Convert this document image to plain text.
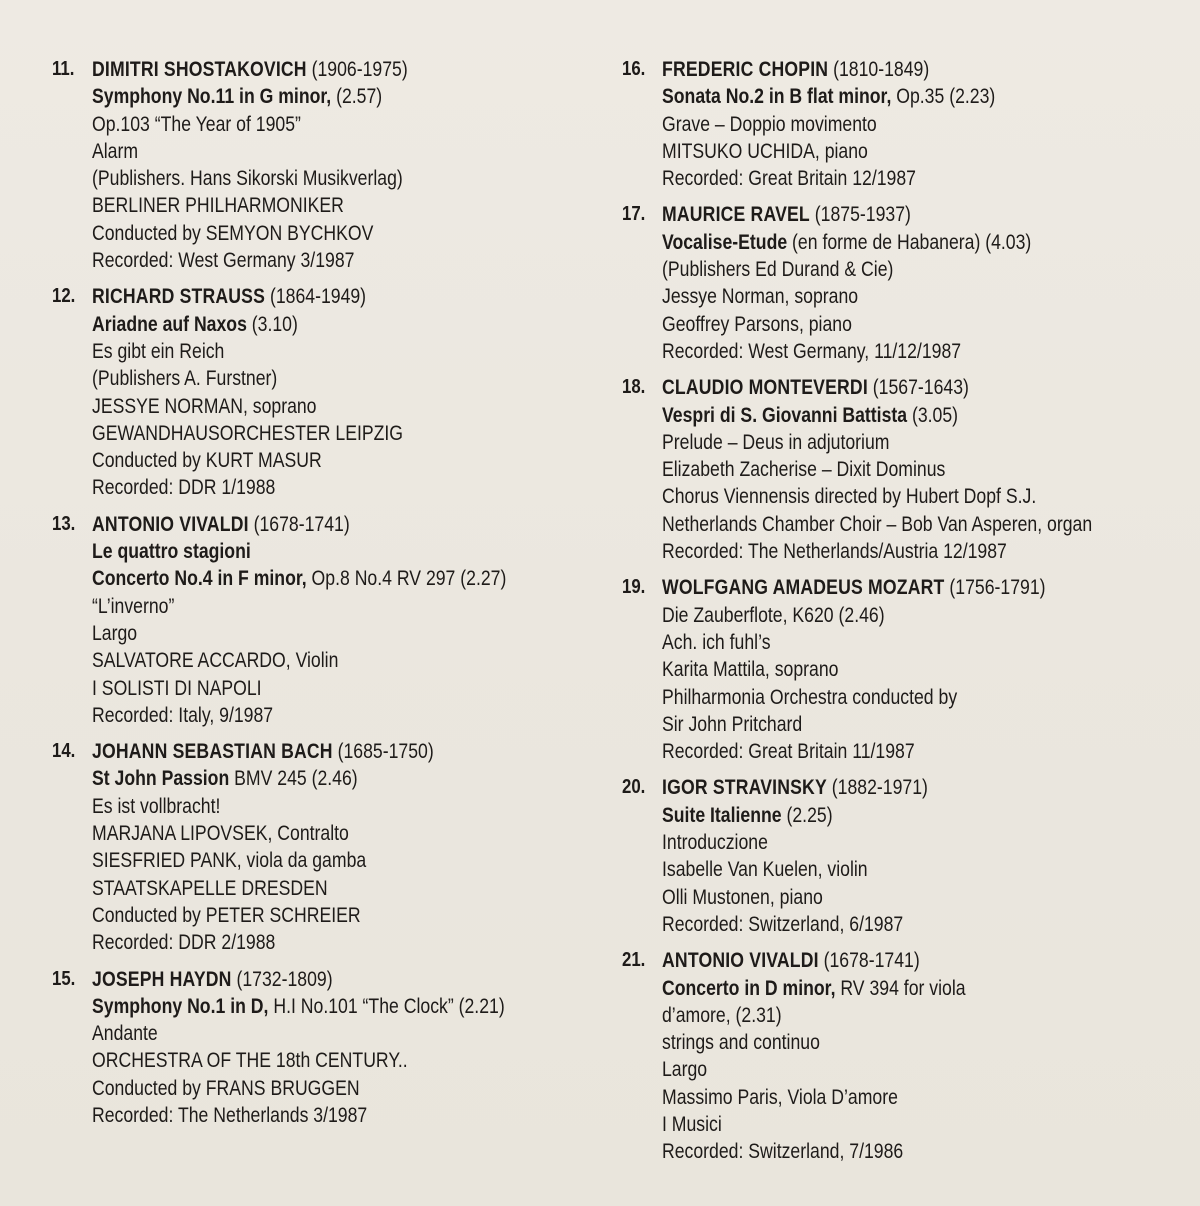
11. DIMITRI SHOSTAKOVICH (1906-1975)
Symphony No.11 in G minor, (2.57)
Op.103 “The Year of 1905”
Alarm
(Publishers. Hans Sikorski Musikverlag)
BERLINER PHILHARMONIKER
Conducted by SEMYON BYCHKOV
Recorded: West Germany 3/1987
12. RICHARD STRAUSS (1864-1949)
Ariadne auf Naxos (3.10)
Es gibt ein Reich
(Publishers A. Furstner)
JESSYE NORMAN, soprano
GEWANDHAUSORCHESTER LEIPZIG
Conducted by KURT MASUR
Recorded: DDR 1/1988
13. ANTONIO VIVALDI (1678-1741)
Le quattro stagioni
Concerto No.4 in F minor, Op.8 No.4 RV 297 (2.27)
“L’inverno”
Largo
SALVATORE ACCARDO, Violin
I SOLISTI DI NAPOLI
Recorded: Italy, 9/1987
14. JOHANN SEBASTIAN BACH (1685-1750)
St John Passion BMV 245 (2.46)
Es ist vollbracht!
MARJANA LIPOVSEK, Contralto
SIESFRIED PANK, viola da gamba
STAATSKAPELLE DRESDEN
Conducted by PETER SCHREIER
Recorded: DDR 2/1988
15. JOSEPH HAYDN (1732-1809)
Symphony No.1 in D, H.I No.101 “The Clock” (2.21)
Andante
ORCHESTRA OF THE 18th CENTURY..
Conducted by FRANS BRUGGEN
Recorded: The Netherlands 3/1987
16. FREDERIC CHOPIN (1810-1849)
Sonata No.2 in B flat minor, Op.35 (2.23)
Grave – Doppio movimento
MITSUKO UCHIDA, piano
Recorded: Great Britain 12/1987
17. MAURICE RAVEL (1875-1937)
Vocalise-Etude (en forme de Habanera) (4.03)
(Publishers Ed Durand & Cie)
Jessye Norman, soprano
Geoffrey Parsons, piano
Recorded: West Germany, 11/12/1987
18. CLAUDIO MONTEVERDI (1567-1643)
Vespri di S. Giovanni Battista (3.05)
Prelude – Deus in adjutorium
Elizabeth Zacherise – Dixit Dominus
Chorus Viennensis directed by Hubert Dopf S.J.
Netherlands Chamber Choir – Bob Van Asperen, organ
Recorded: The Netherlands/Austria 12/1987
19. WOLFGANG AMADEUS MOZART (1756-1791)
Die Zauberflote, K620 (2.46)
Ach. ich fuhl’s
Karita Mattila, soprano
Philharmonia Orchestra conducted by
Sir John Pritchard
Recorded: Great Britain 11/1987
20. IGOR STRAVINSKY (1882-1971)
Suite Italienne (2.25)
Introduczione
Isabelle Van Kuelen, violin
Olli Mustonen, piano
Recorded: Switzerland, 6/1987
21. ANTONIO VIVALDI (1678-1741)
Concerto in D minor, RV 394 for viola
d’amore, (2.31)
strings and continuo
Largo
Massimo Paris, Viola D’amore
I Musici
Recorded: Switzerland, 7/1986
